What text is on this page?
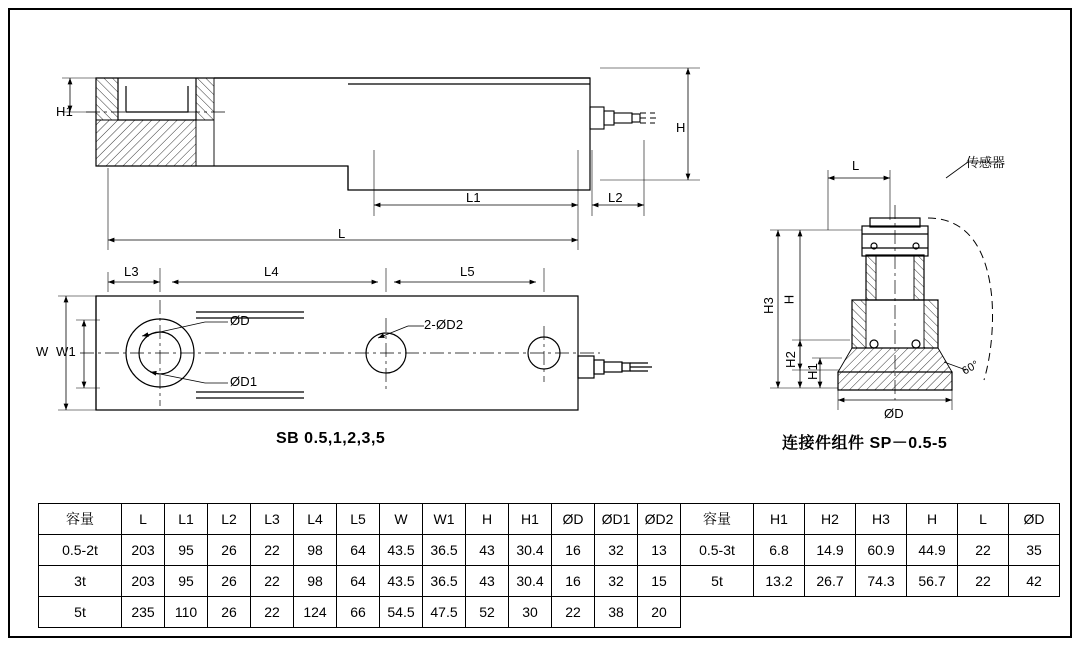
H1
H
L1	L2
L
L3	L4	L5
W W1
ØD
ØD1
2-ØD2
传感器
L
H3 H
H2
H1
ØD
60°
SB 0.5,1,2,3,5	连接件组件 SP－0.5-5
容量	L	L1	L2	L3	L4	L5	W	W1	H	H1	ØD	ØD1	ØD2
0.5-2t	203	95	26	22	98	64	43.5	36.5	43	30.4	16	32	13
3t	203	95	26	22	98	64	43.5	36.5	43	30.4	16	32	15
5t	235	110	26	22	124	66	54.5	47.5	52	30	22	38	20
容量	H1	H2	H3	H	L	ØD
0.5-3t	6.8	14.9	60.9	44.9	22	35
5t	13.2	26.7	74.3	56.7	22	42
